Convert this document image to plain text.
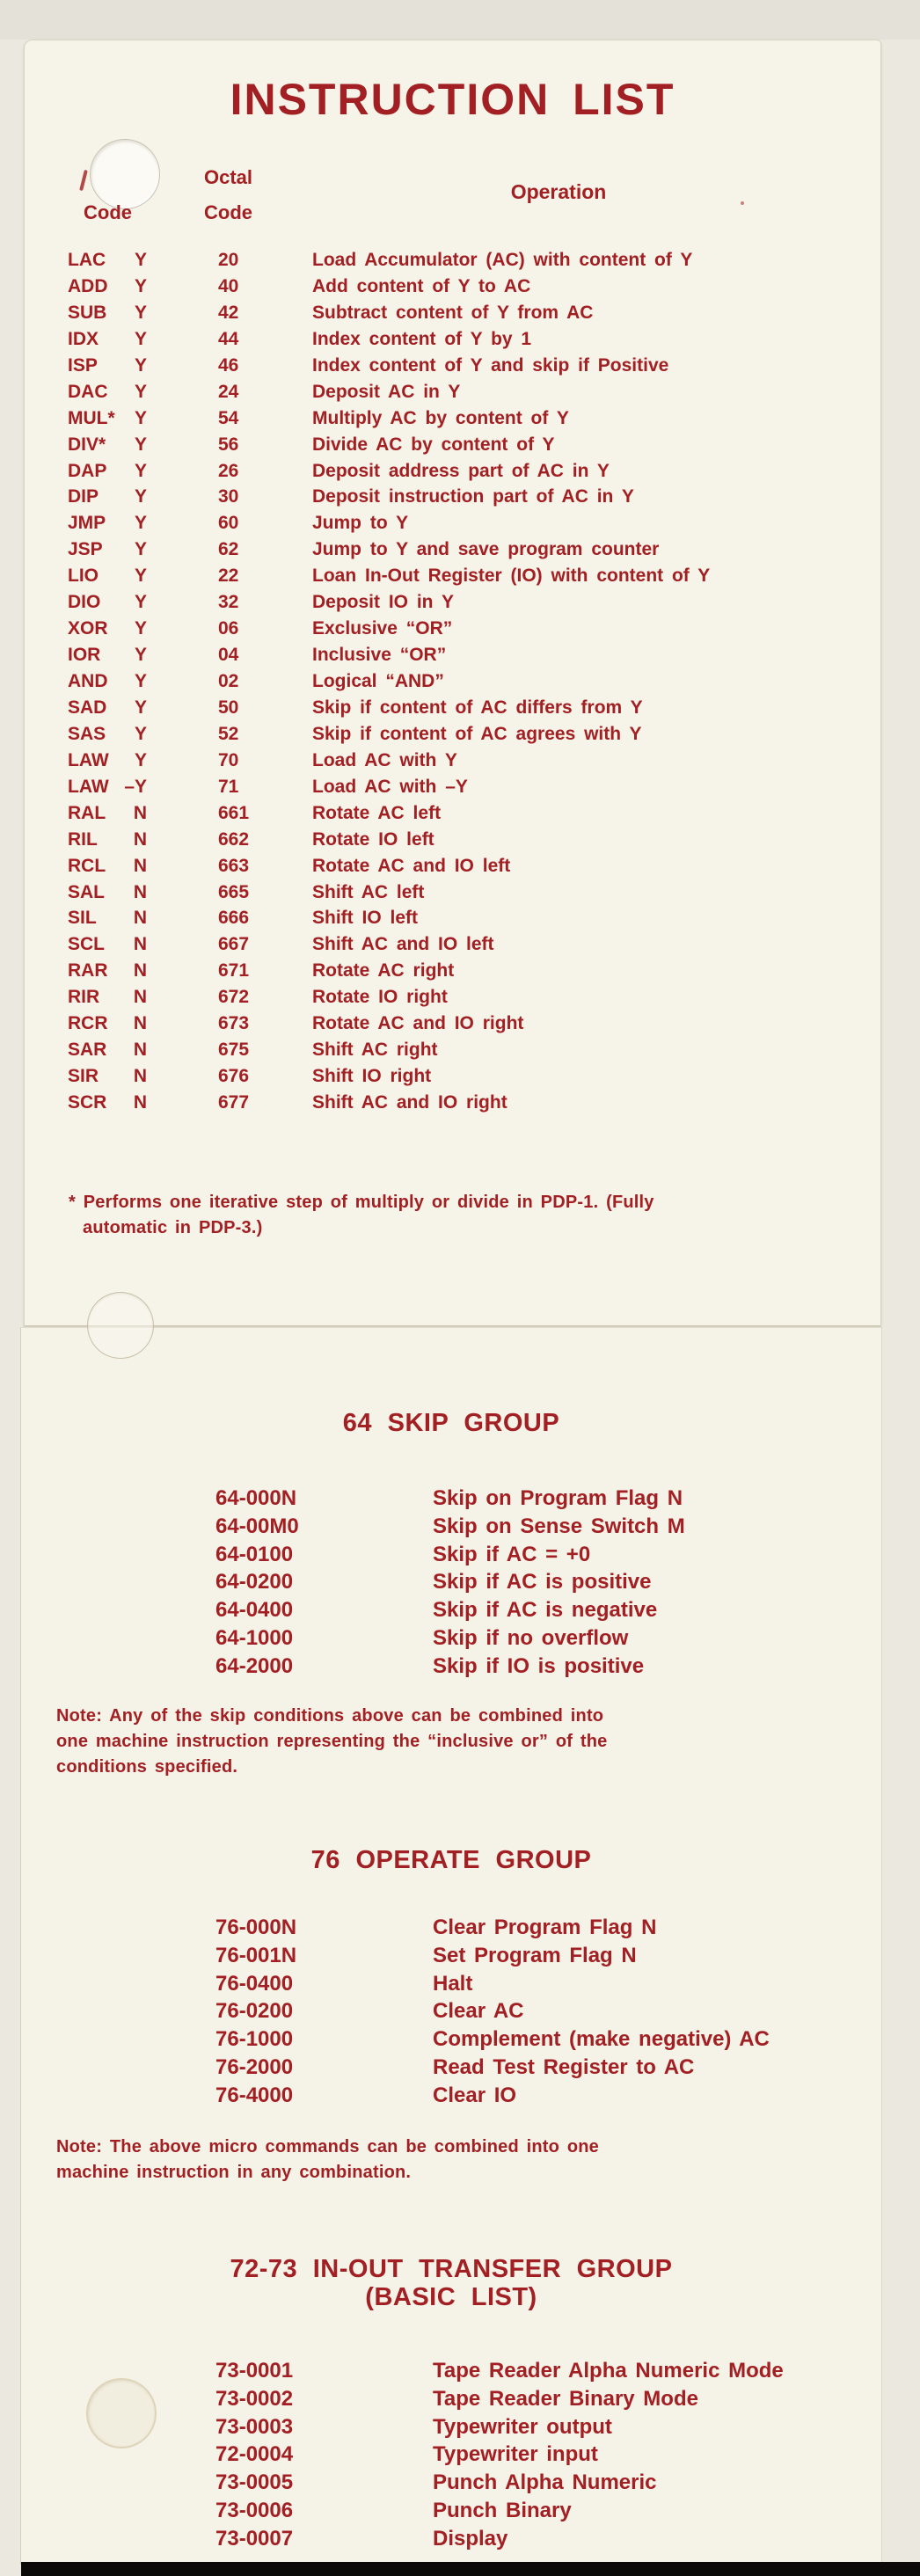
INSTRUCTION LIST
Code
Octal
Code
Operation
LAC	Y	20	Load Accumulator (AC) with content of Y
ADD	Y	40	Add content of Y to AC
SUB	Y	42	Subtract content of Y from AC
IDX	Y	44	Index content of Y by 1
ISP	Y	46	Index content of Y and skip if Positive
DAC	Y	24	Deposit AC in Y
MUL*	Y	54	Multiply AC by content of Y
DIV*	Y	56	Divide AC by content of Y
DAP	Y	26	Deposit address part of AC in Y
DIP	Y	30	Deposit instruction part of AC in Y
JMP	Y	60	Jump to Y
JSP	Y	62	Jump to Y and save program counter
LIO	Y	22	Loan In-Out Register (IO) with content of Y
DIO	Y	32	Deposit IO in Y
XOR	Y	06	Exclusive “OR”
IOR	Y	04	Inclusive “OR”
AND	Y	02	Logical “AND”
SAD	Y	50	Skip if content of AC differs from Y
SAS	Y	52	Skip if content of AC agrees with Y
LAW	Y	70	Load AC with Y
LAW –Y	71	Load AC with –Y
RAL	N	661	Rotate AC left
RIL	N	662	Rotate IO left
RCL	N	663	Rotate AC and IO left
SAL	N	665	Shift AC left
SIL	N	666	Shift IO left
SCL	N	667	Shift AC and IO left
RAR	N	671	Rotate AC right
RIR	N	672	Rotate IO right
RCR	N	673	Rotate AC and IO right
SAR	N	675	Shift AC right
SIR	N	676	Shift IO right
SCR	N	677	Shift AC and IO right
* Performs one iterative step of multiply or divide in PDP-1. (Fully
automatic in PDP-3.)
64 SKIP GROUP
64-000N	Skip on Program Flag N
64-00M0	Skip on Sense Switch M
64-0100	Skip if AC = +0
64-0200	Skip if AC is positive
64-0400	Skip if AC is negative
64-1000	Skip if no overflow
64-2000	Skip if IO is positive
Note: Any of the skip conditions above can be combined into
one machine instruction representing the “inclusive or” of the
conditions specified.
76 OPERATE GROUP
76-000N	Clear Program Flag N
76-001N	Set Program Flag N
76-0400	Halt
76-0200	Clear AC
76-1000	Complement (make negative) AC
76-2000	Read Test Register to AC
76-4000	Clear IO
Note: The above micro commands can be combined into one
machine instruction in any combination.
72-73 IN-OUT TRANSFER GROUP
(BASIC LIST)
73-0001	Tape Reader Alpha Numeric Mode
73-0002	Tape Reader Binary Mode
73-0003	Typewriter output
72-0004	Typewriter input
73-0005	Punch Alpha Numeric
73-0006	Punch Binary
73-0007	Display
